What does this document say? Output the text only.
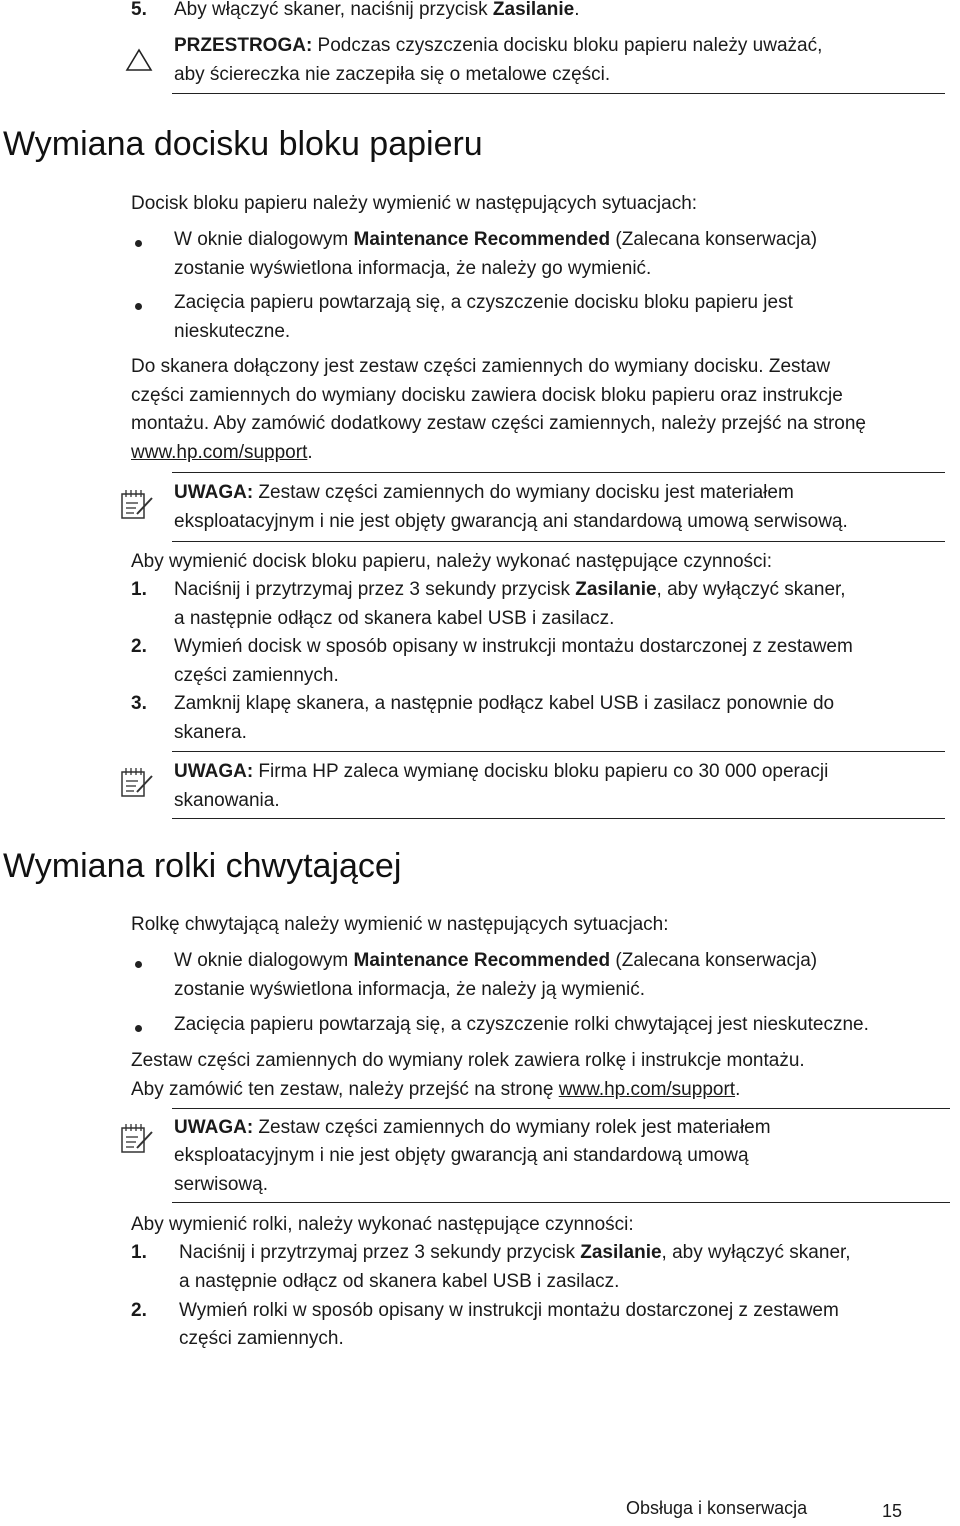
5. Aby włączyć skaner, naciśnij przycisk Zasilanie.
PRZESTROGA: Podczas czyszczenia docisku bloku papieru należy uważać,
aby ściereczka nie zaczepiła się o metalowe części.
Wymiana docisku bloku papieru
Docisk bloku papieru należy wymienić w następujących sytuacjach:
W oknie dialogowym Maintenance Recommended (Zalecana konserwacja)
zostanie wyświetlona informacja, że należy go wymienić.
Zacięcia papieru powtarzają się, a czyszczenie docisku bloku papieru jest
nieskuteczne.
Do skanera dołączony jest zestaw części zamiennych do wymiany docisku. Zestaw
części zamiennych do wymiany docisku zawiera docisk bloku papieru oraz instrukcje
montażu. Aby zamówić dodatkowy zestaw części zamiennych, należy przejść na stronę
www.hp.com/support.
UWAGA: Zestaw części zamiennych do wymiany docisku jest materiałem
eksploatacyjnym i nie jest objęty gwarancją ani standardową umową serwisową.
Aby wymienić docisk bloku papieru, należy wykonać następujące czynności:
1. Naciśnij i przytrzymaj przez 3 sekundy przycisk Zasilanie, aby wyłączyć skaner,
a następnie odłącz od skanera kabel USB i zasilacz.
2. Wymień docisk w sposób opisany w instrukcji montażu dostarczonej z zestawem
części zamiennych.
3. Zamknij klapę skanera, a następnie podłącz kabel USB i zasilacz ponownie do
skanera.
UWAGA: Firma HP zaleca wymianę docisku bloku papieru co 30 000 operacji
skanowania.
Wymiana rolki chwytającej
Rolkę chwytającą należy wymienić w następujących sytuacjach:
W oknie dialogowym Maintenance Recommended (Zalecana konserwacja)
zostanie wyświetlona informacja, że należy ją wymienić.
Zacięcia papieru powtarzają się, a czyszczenie rolki chwytającej jest nieskuteczne.
Zestaw części zamiennych do wymiany rolek zawiera rolkę i instrukcje montażu.
Aby zamówić ten zestaw, należy przejść na stronę www.hp.com/support.
UWAGA: Zestaw części zamiennych do wymiany rolek jest materiałem
eksploatacyjnym i nie jest objęty gwarancją ani standardową umową
serwisową.
Aby wymienić rolki, należy wykonać następujące czynności:
1. Naciśnij i przytrzymaj przez 3 sekundy przycisk Zasilanie, aby wyłączyć skaner,
a następnie odłącz od skanera kabel USB i zasilacz.
2. Wymień rolki w sposób opisany w instrukcji montażu dostarczonej z zestawem
części zamiennych.
Obsługa i konserwacja	15
